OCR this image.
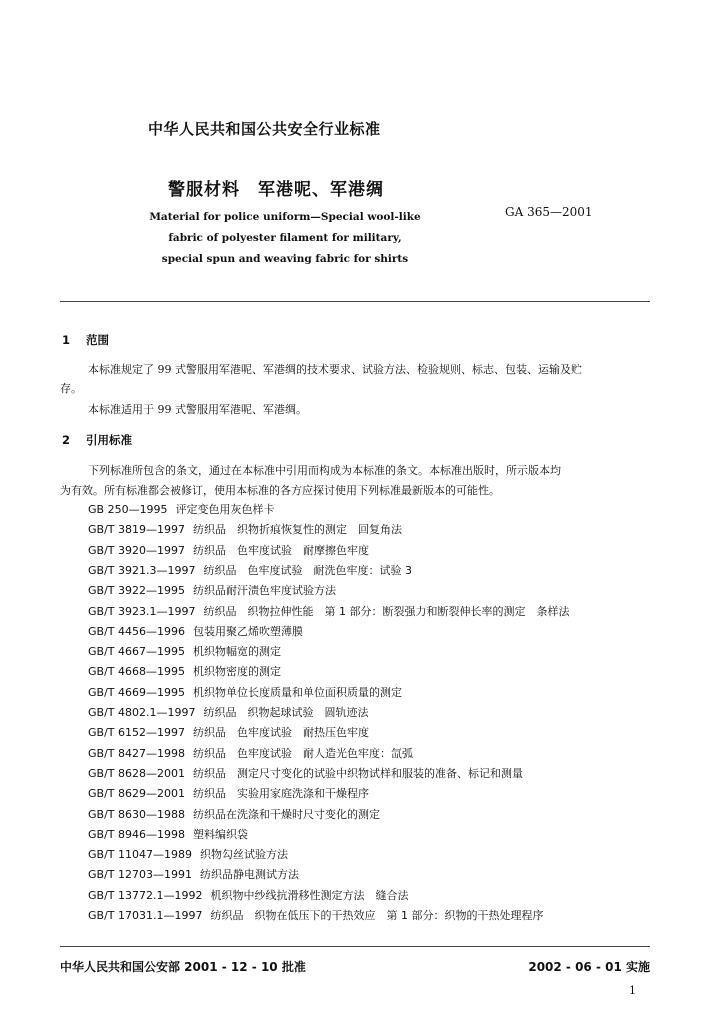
中华人民共和国公共安全行业标准
警服材料 军港呢、军港绸
GA 365—2001
Material for police uniform—Special wool-like
fabric of polyester filament for military,
special spun and weaving fabric for shirts
1 范围
本标准规定了 99 式警服用军港呢、军港绸的技术要求、试验方法、检验规则、标志、包装、运输及贮
存。
本标准适用于 99 式警服用军港呢、军港绸。
2 引用标准
下列标准所包含的条文，通过在本标准中引用而构成为本标准的条文。本标准出版时，所示版本均
为有效。所有标准都会被修订，使用本标准的各方应探讨使用下列标准最新版本的可能性。
GB 250—1995 评定变色用灰色样卡
GB/T 3819—1997 纺织品　织物折痕恢复性的测定　回复角法
GB/T 3920—1997 纺织品　色牢度试验　耐摩擦色牢度
GB/T 3921.3—1997 纺织品　色牢度试验　耐洗色牢度：试验 3
GB/T 3922—1995 纺织品耐汗渍色牢度试验方法
GB/T 3923.1—1997 纺织品　织物拉伸性能　第 1 部分：断裂强力和断裂伸长率的测定　条样法
GB/T 4456—1996 包装用聚乙烯吹塑薄膜
GB/T 4667—1995 机织物幅宽的测定
GB/T 4668—1995 机织物密度的测定
GB/T 4669—1995 机织物单位长度质量和单位面积质量的测定
GB/T 4802.1—1997 纺织品　织物起球试验　圆轨迹法
GB/T 6152—1997 纺织品　色牢度试验　耐热压色牢度
GB/T 8427—1998 纺织品　色牢度试验　耐人造光色牢度：氙弧
GB/T 8628—2001 纺织品　测定尺寸变化的试验中织物试样和服装的准备、标记和测量
GB/T 8629—2001 纺织品　实验用家庭洗涤和干燥程序
GB/T 8630—1988 纺织品在洗涤和干燥时尺寸变化的测定
GB/T 8946—1998 塑料编织袋
GB/T 11047—1989 织物勾丝试验方法
GB/T 12703—1991 纺织品静电测试方法
GB/T 13772.1—1992 机织物中纱线抗滑移性测定方法　缝合法
GB/T 17031.1—1997 纺织品　织物在低压下的干热效应　第 1 部分：织物的干热处理程序
中华人民共和国公安部 2001 - 12 - 10 批准	2002 - 06 - 01 实施
1
